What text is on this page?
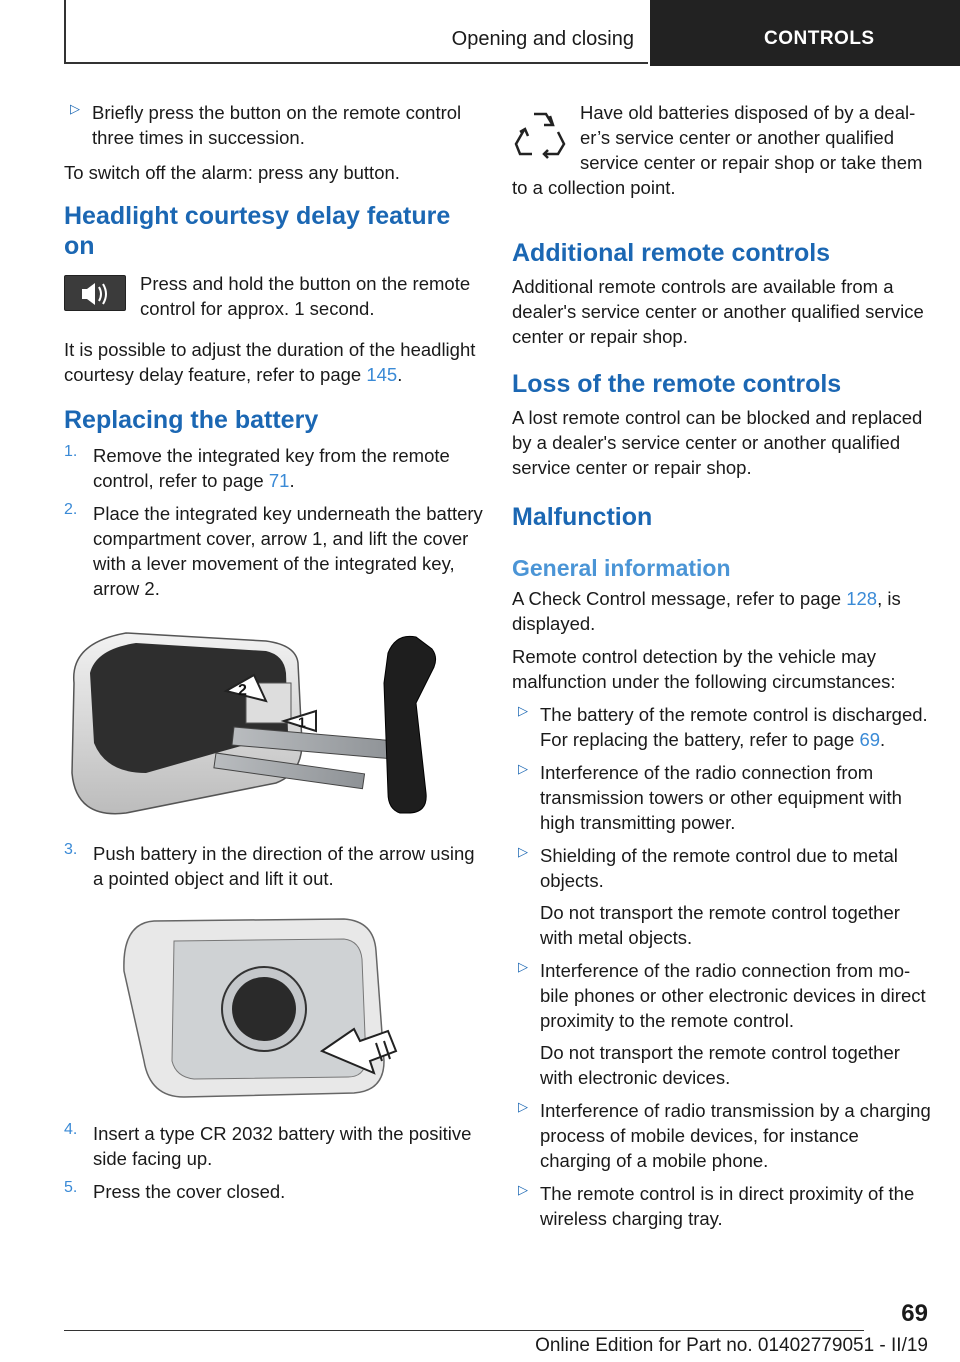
Opening and closing	CONTROLS
▷ Briefly press the button on the remote control three times in succession.

To switch off the alarm: press any button.

Headlight courtesy delay feature on

Press and hold the button on the remote control for approx. 1 second.

It is possible to adjust the duration of the headlight courtesy delay feature, refer to page 145.

Replacing the battery
1. Remove the integrated key from the remote control, refer to page 71.

2. Place the integrated key underneath the battery compartment cover, arrow 1, and lift the cover with a lever movement of the integrated key, arrow 2.

2
1
3. Push battery in the direction of the arrow using a pointed object and lift it out.

4. Insert a type CR 2032 battery with the positive side facing up.

5. Press the cover closed.

Have old batteries disposed of by a dealer’s service center or another qualified service center or repair shop or take them to a collection point.

Additional remote controls

Additional remote controls are available from a dealer's service center or another qualified service center or repair shop.

Loss of the remote controls

A lost remote control can be blocked and replaced by a dealer's service center or another qualified service center or repair shop.

Malfunction
General information

A Check Control message, refer to page 128, is displayed.

Remote control detection by the vehicle may malfunction under the following circumstances:

▷ The battery of the remote control is discharged. For replacing the battery, refer to page 69.

▷ Interference of the radio connection from transmission towers or other equipment with high transmitting power.

▷ Shielding of the remote control due to metal objects.

Do not transport the remote control together with metal objects.

▷ Interference of the radio connection from mobile phones or other electronic devices in direct proximity to the remote control.

Do not transport the remote control together with electronic devices.

▷ Interference of radio transmission by a charging process of mobile devices, for instance charging of a mobile phone.

▷ The remote control is in direct proximity of the wireless charging tray.

69
Online Edition for Part no. 01402779051 - II/19
